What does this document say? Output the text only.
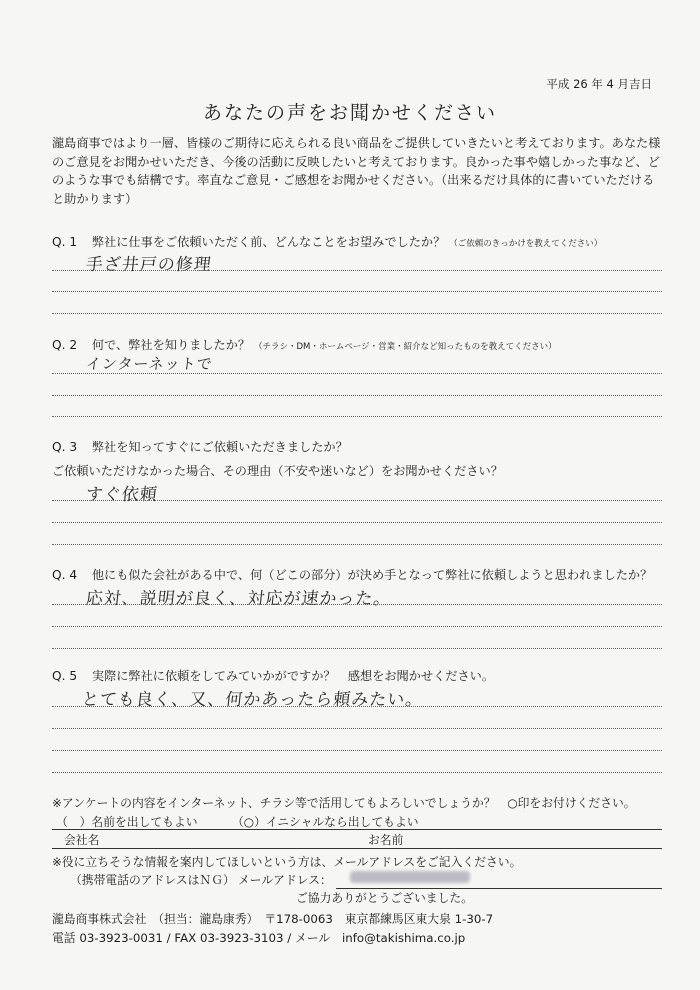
平成 26 年 4 月吉日
あなたの声をお聞かせください
瀧島商事ではより一層、皆様のご期待に応えられる良い商品をご提供していきたいと考えております。あなた様
のご意見をお聞かせいただき、今後の活動に反映したいと考えております。良かった事や嬉しかった事など、ど
のような事でも結構です。率直なご意見・ご感想をお聞かせください。（出来るだけ具体的に書いていただける
と助かります）
Q. 1 弊社に仕事をご依頼いただく前、どんなことをお望みでしたか？ （ご依頼のきっかけを教えてください）
手ざ井戸の修理
Q. 2 何で、弊社を知りましたか？ （チラシ・DM・ホームページ・営業・紹介など知ったものを教えてください）
インターネットで
Q. 3 弊社を知ってすぐにご依頼いただきましたか？
ご依頼いただけなかった場合、その理由（不安や迷いなど）をお聞かせください？
すぐ依頼
Q. 4 他にも似た会社がある中で、何（どこの部分）が決め手となって弊社に依頼しようと思われましたか？
応対、説明が良く、対応が速かった。
Q. 5 実際に弊社に依頼をしてみていかがですか？　感想をお聞かせください。
とても良く、又、何かあったら頼みたい。
※アンケートの内容をインターネット、チラシ等で活用してもよろしいでしょうか？　○印をお付けください。
（　）名前を出してもよい	（○）イニシャルなら出してもよい
会社名	お名前
※役に立ちそうな情報を案内してほしいという方は、メールアドレスをご記入ください。
（携帯電話のアドレスはＮＧ） メールアドレス：
ご協力ありがとうございました。
瀧島商事株式会社　（担当：瀧島康秀）　〒178-0063　東京都練馬区東大泉 1-30-7
電話 03-3923-0031 / FAX 03-3923-3103 / メール　info@takishima.co.jp
